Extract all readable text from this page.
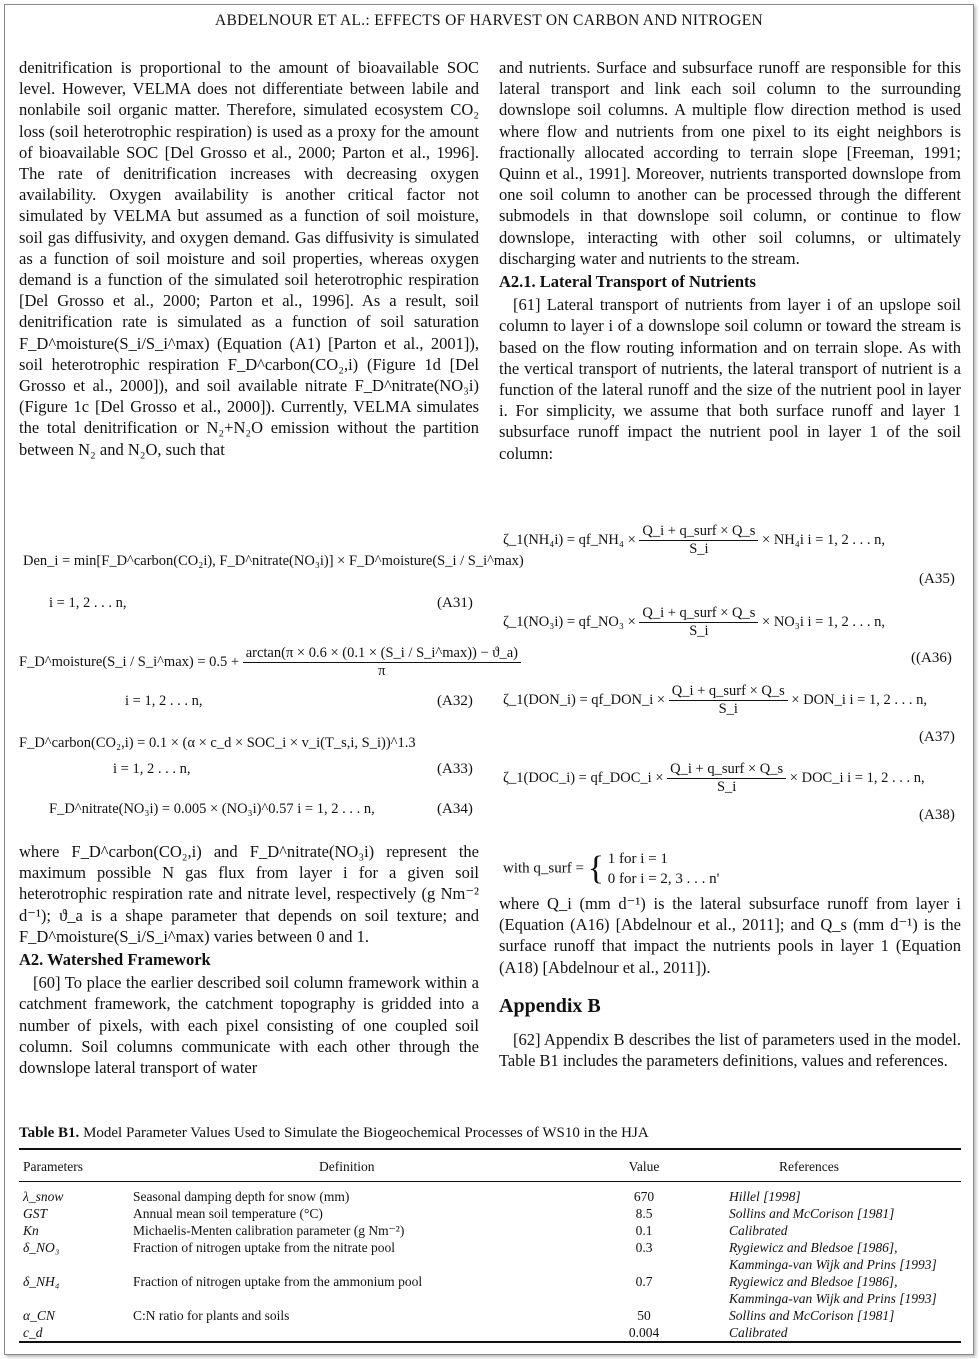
ABDELNOUR ET AL.: EFFECTS OF HARVEST ON CARBON AND NITROGEN

denitrification is proportional to the amount of bioavailable SOC level. However, VELMA does not differentiate between labile and nonlabile soil organic matter. Therefore, simulated ecosystem CO₂ loss (soil heterotrophic respiration) is used as a proxy for the amount of bioavailable SOC [Del Grosso et al., 2000; Parton et al., 1996]. The rate of denitrification increases with decreasing oxygen availability. Oxygen availability is another critical factor not simulated by VELMA but assumed as a function of soil moisture, soil gas diffusivity, and oxygen demand. Gas diffusivity is simulated as a function of soil moisture and soil properties, whereas oxygen demand is a function of the simulated soil heterotrophic respiration [Del Grosso et al., 2000; Parton et al., 1996]. As a result, soil denitrification rate is simulated as a function of soil saturation F_D^moisture(S_i/S_i^max) (Equation (A1) [Parton et al., 2001]), soil heterotrophic respiration F_D^carbon(CO₂,i) (Figure 1d [Del Grosso et al., 2000]), and soil available nitrate F_D^nitrate(NO₃i) (Figure 1c [Del Grosso et al., 2000]). Currently, VELMA simulates the total denitrification or N₂+N₂O emission without the partition between N₂ and N₂O, such that

Den_i = min[F_D^carbon(CO₂i), F_D^nitrate(NO₃i)] × F_D^moisture(S_i / S_i^max)
i = 1, 2 . . . n,	(A31)
F_D^moisture(S_i / S_i^max) = $0.5 + \frac{\arctan(\pi \times 0.6 \times (0.1 \times (S\_i / S\_i\^{}\max)) - ϑ\_a)}{\pi}$
i = 1, 2 . . . n,	(A32)
F_D^carbon(CO₂,i) = 0.1 × (α × c_d × SOC_i × v_i(T_s,i, S_i))^1.3
i = 1, 2 . . . n,	(A33)
F_D^nitrate(NO₃i) = 0.005 × (NO₃i)^0.57 i = 1, 2 . . . n,	(A34)

where F_D^carbon(CO₂,i) and F_D^nitrate(NO₃i) represent the maximum possible N gas flux from layer i for a given soil heterotrophic respiration rate and nitrate level, respectively (g Nm⁻² d⁻¹); ϑ_a is a shape parameter that depends on soil texture; and F_D^moisture(S_i/S_i^max) varies between 0 and 1.

A2. Watershed Framework

[60] To place the earlier described soil column framework within a catchment framework, the catchment topography is gridded into a number of pixels, with each pixel consisting of one coupled soil column. Soil columns communicate with each other through the downslope lateral transport of water

and nutrients. Surface and subsurface runoff are responsible for this lateral transport and link each soil column to the surrounding downslope soil columns. A multiple flow direction method is used where flow and nutrients from one pixel to its eight neighbors is fractionally allocated according to terrain slope [Freeman, 1991; Quinn et al., 1991]. Moreover, nutrients transported downslope from one soil column to another can be processed through the different submodels in that downslope soil column, or continue to flow downslope, interacting with other soil columns, or ultimately discharging water and nutrients to the stream.

A2.1. Lateral Transport of Nutrients

[61] Lateral transport of nutrients from layer i of an upslope soil column to layer i of a downslope soil column or toward the stream is based on the flow routing information and on terrain slope. As with the vertical transport of nutrients, the lateral transport of nutrient is a function of the lateral runoff and the size of the nutrient pool in layer i. For simplicity, we assume that both surface runoff and layer 1 subsurface runoff impact the nutrient pool in layer 1 of the soil column:

ζ_1(NH₄i) = qf_NH₄ × $\frac{\text{Q\_i + q\_surf × Q\_s}}{S\_i} \times NH_4i$ i = 1, 2 . . . n,
(A35)
ζ_1(NO₃i) = qf_NO₃ × $\frac{\text{Q\_i + q\_surf × Q\_s}}{S\_i} \times NO_3i$ i = 1, 2 . . . n,
((A36)
ζ_1(DON_i) = qf_DON_i × $\frac{\text{Q\_i + q\_surf × Q\_s}}{S\_i}$ × DON_i i = 1, 2 . . . n,
(A37)
ζ_1(DOC_i) = qf_DOC_i × $\frac{\text{Q\_i + q\_surf × Q\_s}}{S\_i}$ × DOC_i i = 1, 2 . . . n,
(A38)
with q_surf = { 1 for i = 1
0 for i = 2, 3 . . . n'

where Q_i (mm d⁻¹) is the lateral subsurface runoff from layer i (Equation (A16) [Abdelnour et al., 2011]; and Q_s (mm d⁻¹) is the surface runoff that impact the nutrients pools in layer 1 (Equation (A18) [Abdelnour et al., 2011]).

Appendix B

[62] Appendix B describes the list of parameters used in the model. Table B1 includes the parameters definitions, values and references.

Table B1. Model Parameter Values Used to Simulate the Biogeochemical Processes of WS10 in the HJA
Parameters	Definition	Value	References
λ_snow	Seasonal damping depth for snow (mm)	670	Hillel [1998]
GST	Annual mean soil temperature (°C)	8.5	Sollins and McCorison [1981]
Kn	Michaelis-Menten calibration parameter (g Nm⁻²)	0.1	Calibrated
δ_NO₃	Fraction of nitrogen uptake from the nitrate pool	0.3	Rygiewicz and Bledsoe [1986], Kamminga-van Wijk and Prins [1993]
δ_NH₄	Fraction of nitrogen uptake from the ammonium pool	0.7	Rygiewicz and Bledsoe [1986], Kamminga-van Wijk and Prins [1993]
α_CN	C:N ratio for plants and soils	50	Sollins and McCorison [1981]
c_d		0.004	Calibrated
